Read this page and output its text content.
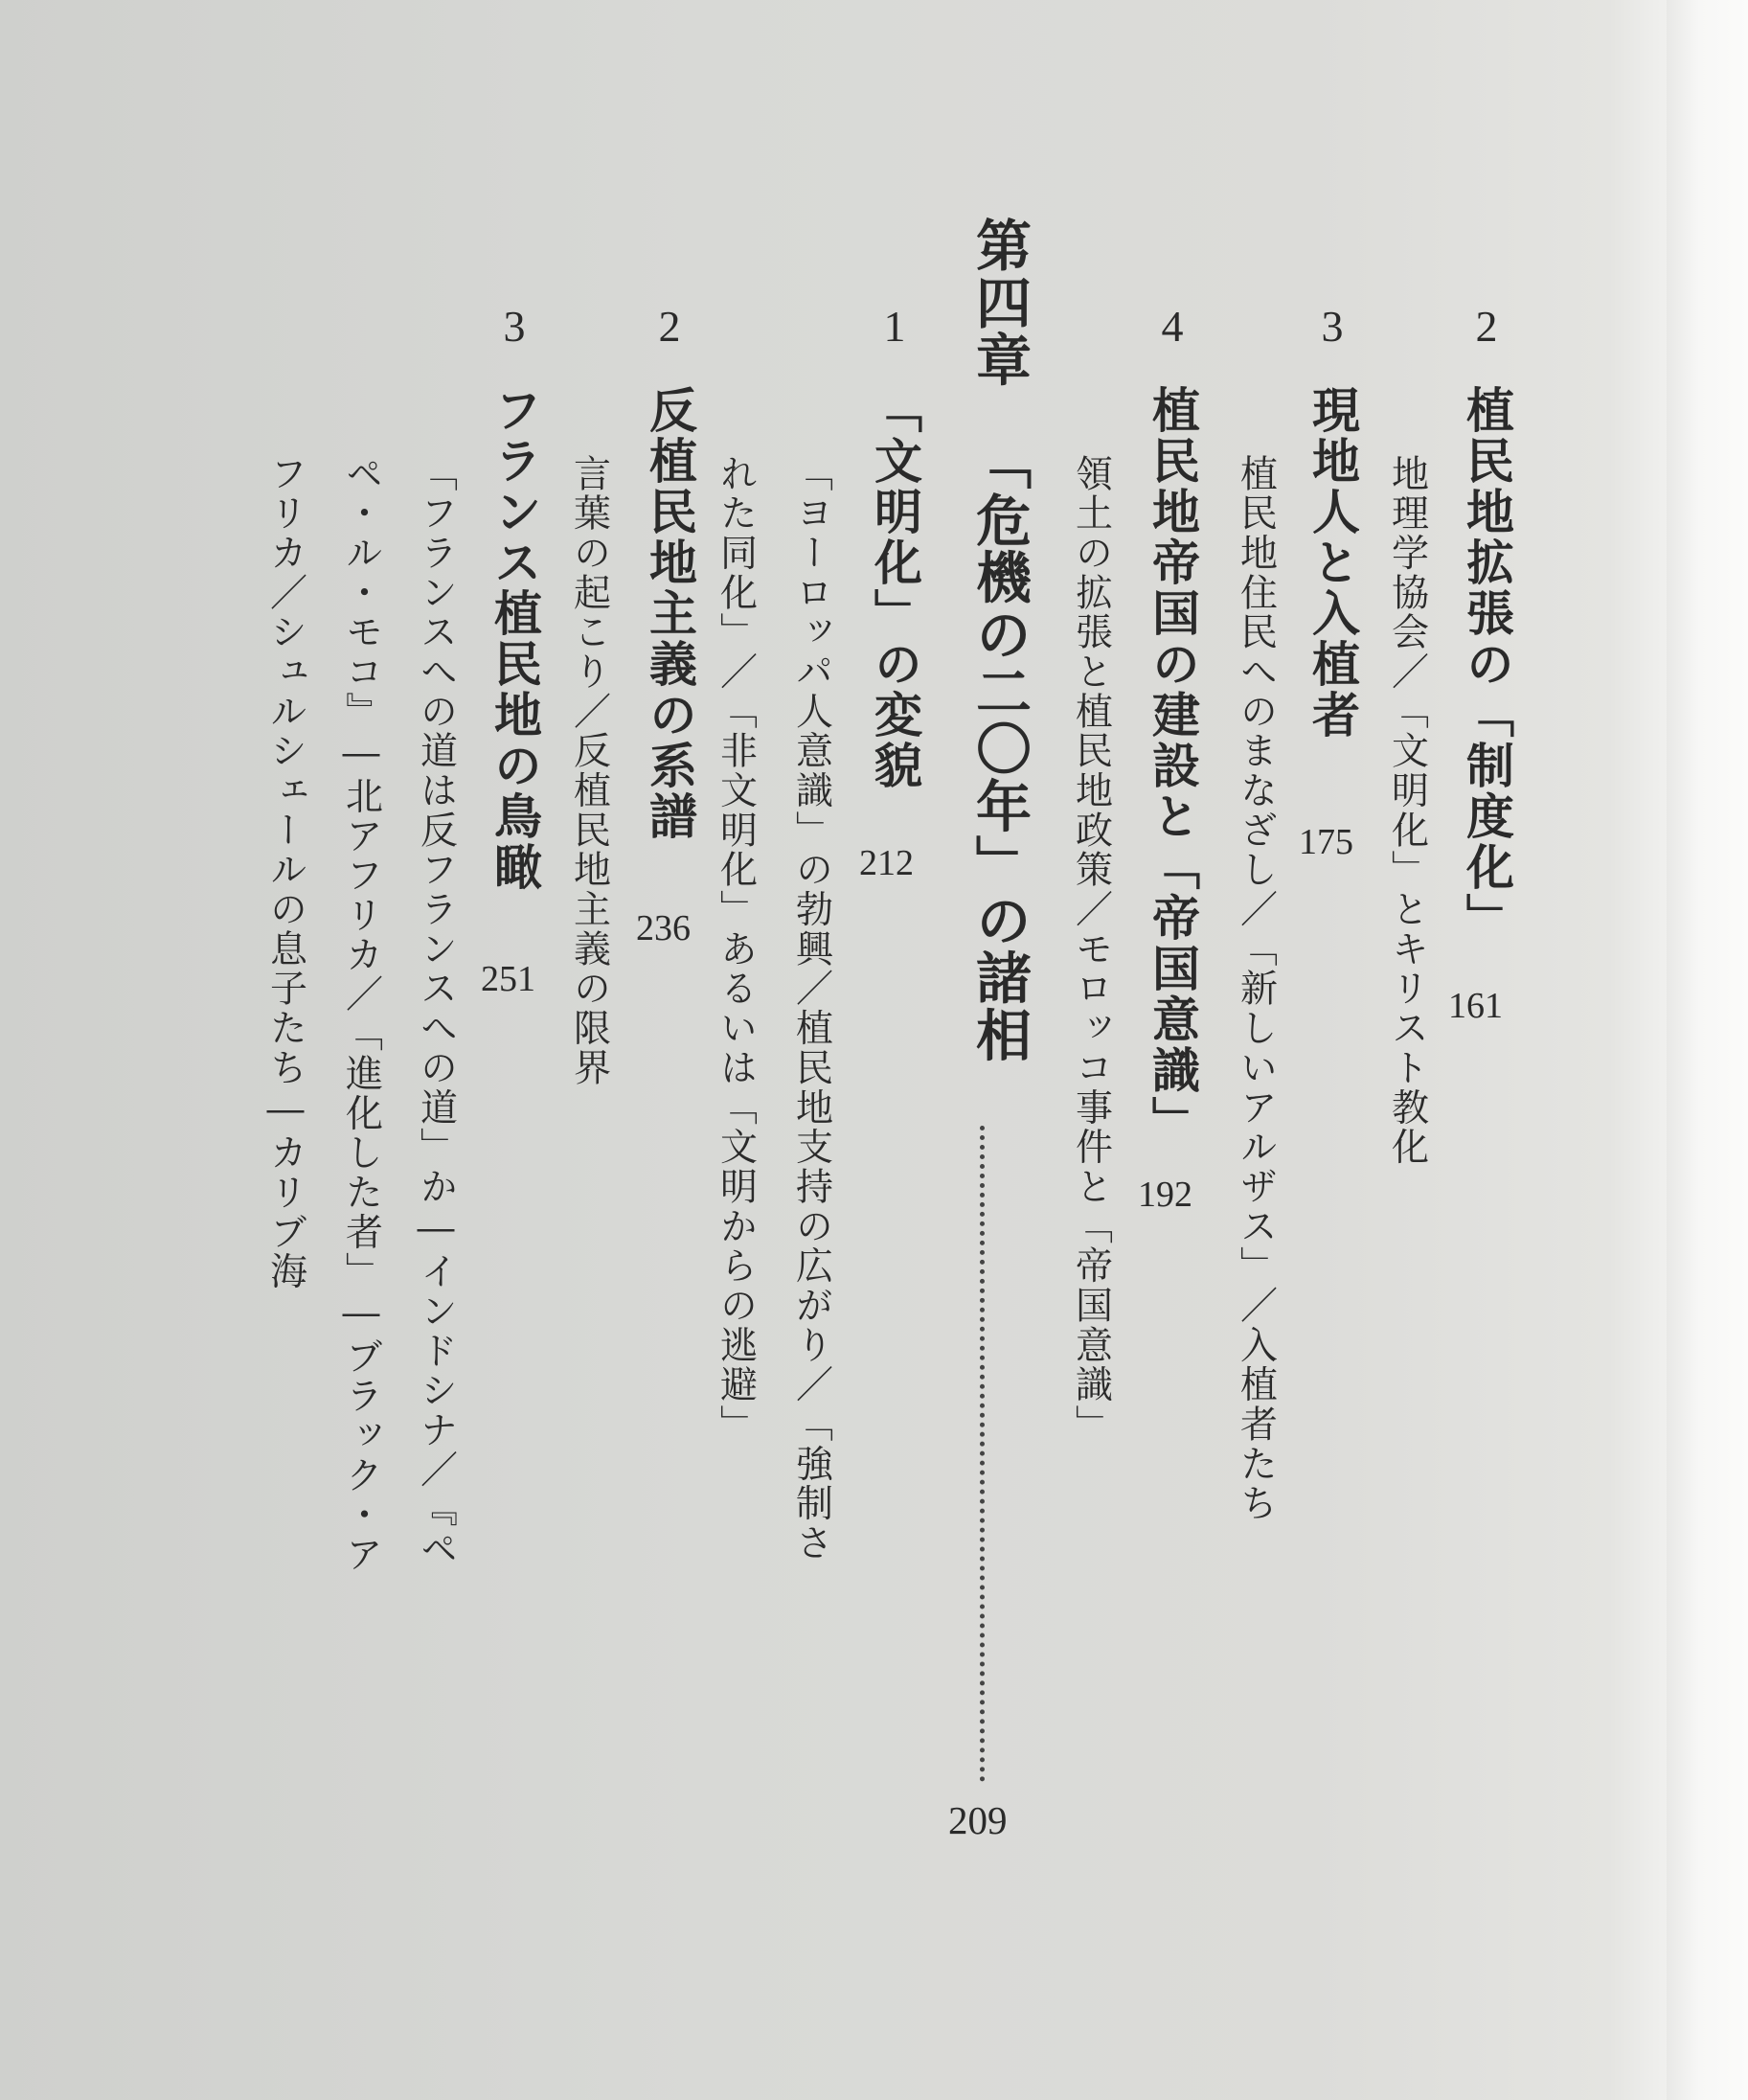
2
植民地拡張の「制度化」
161
地理学協会／「文明化」とキリスト教化
3
現地人と入植者
175
植民地住民へのまなざし／「新しいアルザス」／入植者たち
4
植民地帝国の建設と「帝国意識」
192
領土の拡張と植民地政策／モロッコ事件と「帝国意識」
第四章
「危機の二〇年」の諸相
209
1
「文明化」の変貌
212
「ヨーロッパ人意識」の勃興／植民地支持の広がり／「強制さ
れた同化」／「非文明化」あるいは「文明からの逃避」
2
反植民地主義の系譜
236
言葉の起こり／反植民地主義の限界
3
フランス植民地の鳥瞰
251
「フランスへの道は反フランスへの道」か―インドシナ／『ペ
ペ・ル・モコ』―北アフリカ／「進化した者」―ブラック・ア
フリカ／シュルシェールの息子たち―カリブ海
